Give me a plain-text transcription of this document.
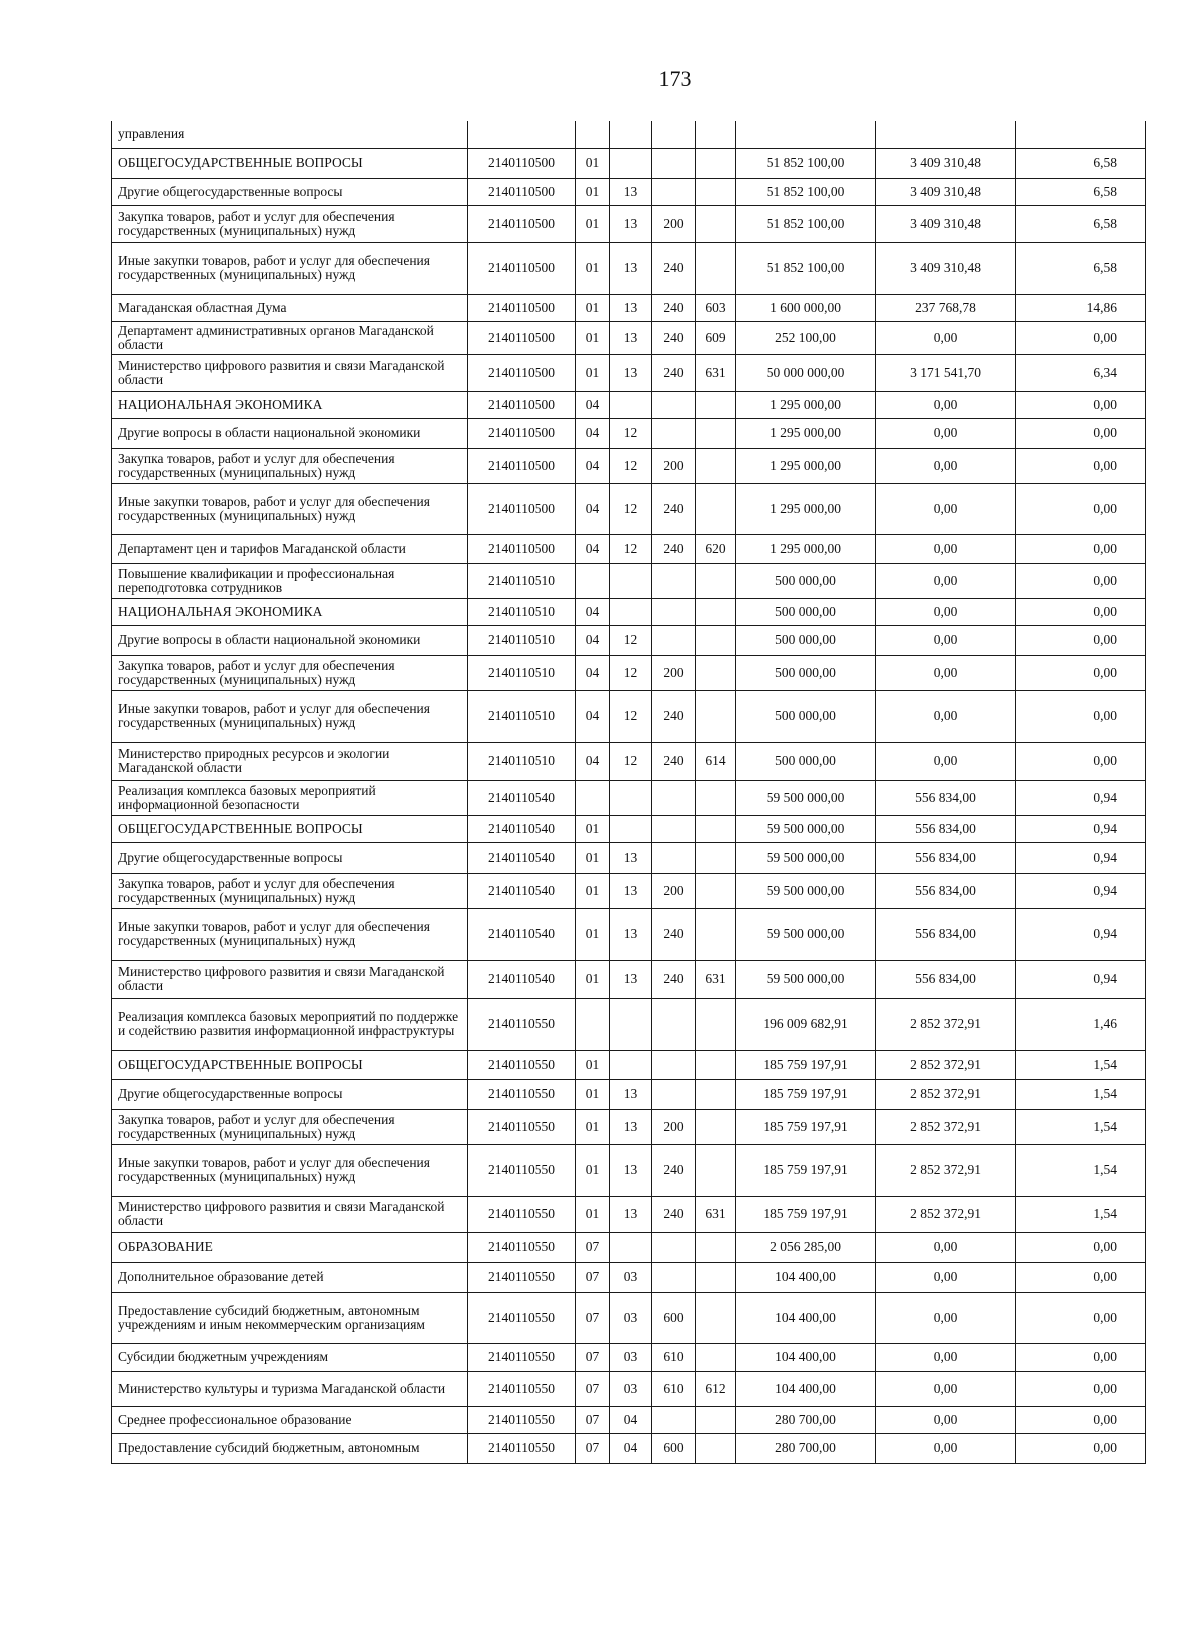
173
управления								
ОБЩЕГОСУДАРСТВЕННЫЕ ВОПРОСЫ	2140110500	01				51 852 100,00	3 409 310,48	6,58
Другие общегосударственные вопросы	2140110500	01	13			51 852 100,00	3 409 310,48	6,58
Закупка товаров, работ и услуг для обеспечения государственных (муниципальных) нужд	2140110500	01	13	200		51 852 100,00	3 409 310,48	6,58
Иные закупки товаров, работ и услуг для обеспечения государственных (муниципальных) нужд	2140110500	01	13	240		51 852 100,00	3 409 310,48	6,58
Магаданская областная Дума	2140110500	01	13	240	603	1 600 000,00	237 768,78	14,86
Департамент административных органов Магаданской области	2140110500	01	13	240	609	252 100,00	0,00	0,00
Министерство цифрового развития и связи Магаданской области	2140110500	01	13	240	631	50 000 000,00	3 171 541,70	6,34
НАЦИОНАЛЬНАЯ ЭКОНОМИКА	2140110500	04				1 295 000,00	0,00	0,00
Другие вопросы в области национальной экономики	2140110500	04	12			1 295 000,00	0,00	0,00
Закупка товаров, работ и услуг для обеспечения государственных (муниципальных) нужд	2140110500	04	12	200		1 295 000,00	0,00	0,00
Иные закупки товаров, работ и услуг для обеспечения государственных (муниципальных) нужд	2140110500	04	12	240		1 295 000,00	0,00	0,00
Департамент цен и тарифов Магаданской области	2140110500	04	12	240	620	1 295 000,00	0,00	0,00
Повышение квалификации и профессиональная переподготовка сотрудников	2140110510					500 000,00	0,00	0,00
НАЦИОНАЛЬНАЯ ЭКОНОМИКА	2140110510	04				500 000,00	0,00	0,00
Другие вопросы в области национальной экономики	2140110510	04	12			500 000,00	0,00	0,00
Закупка товаров, работ и услуг для обеспечения государственных (муниципальных) нужд	2140110510	04	12	200		500 000,00	0,00	0,00
Иные закупки товаров, работ и услуг для обеспечения государственных (муниципальных) нужд	2140110510	04	12	240		500 000,00	0,00	0,00
Министерство природных ресурсов и экологии Магаданской области	2140110510	04	12	240	614	500 000,00	0,00	0,00
Реализация комплекса базовых мероприятий информационной безопасности	2140110540					59 500 000,00	556 834,00	0,94
ОБЩЕГОСУДАРСТВЕННЫЕ ВОПРОСЫ	2140110540	01				59 500 000,00	556 834,00	0,94
Другие общегосударственные вопросы	2140110540	01	13			59 500 000,00	556 834,00	0,94
Закупка товаров, работ и услуг для обеспечения государственных (муниципальных) нужд	2140110540	01	13	200		59 500 000,00	556 834,00	0,94
Иные закупки товаров, работ и услуг для обеспечения государственных (муниципальных) нужд	2140110540	01	13	240		59 500 000,00	556 834,00	0,94
Министерство цифрового развития и связи Магаданской области	2140110540	01	13	240	631	59 500 000,00	556 834,00	0,94
Реализация комплекса базовых мероприятий по поддержке и содействию развития информационной инфраструктуры	2140110550					196 009 682,91	2 852 372,91	1,46
ОБЩЕГОСУДАРСТВЕННЫЕ ВОПРОСЫ	2140110550	01				185 759 197,91	2 852 372,91	1,54
Другие общегосударственные вопросы	2140110550	01	13			185 759 197,91	2 852 372,91	1,54
Закупка товаров, работ и услуг для обеспечения государственных (муниципальных) нужд	2140110550	01	13	200		185 759 197,91	2 852 372,91	1,54
Иные закупки товаров, работ и услуг для обеспечения государственных (муниципальных) нужд	2140110550	01	13	240		185 759 197,91	2 852 372,91	1,54
Министерство цифрового развития и связи Магаданской области	2140110550	01	13	240	631	185 759 197,91	2 852 372,91	1,54
ОБРАЗОВАНИЕ	2140110550	07				2 056 285,00	0,00	0,00
Дополнительное образование детей	2140110550	07	03			104 400,00	0,00	0,00
Предоставление субсидий бюджетным, автономным учреждениям и иным некоммерческим организациям	2140110550	07	03	600		104 400,00	0,00	0,00
Субсидии бюджетным учреждениям	2140110550	07	03	610		104 400,00	0,00	0,00
Министерство культуры и туризма Магаданской области	2140110550	07	03	610	612	104 400,00	0,00	0,00
Среднее профессиональное образование	2140110550	07	04			280 700,00	0,00	0,00
Предоставление субсидий бюджетным, автономным	2140110550	07	04	600		280 700,00	0,00	0,00
